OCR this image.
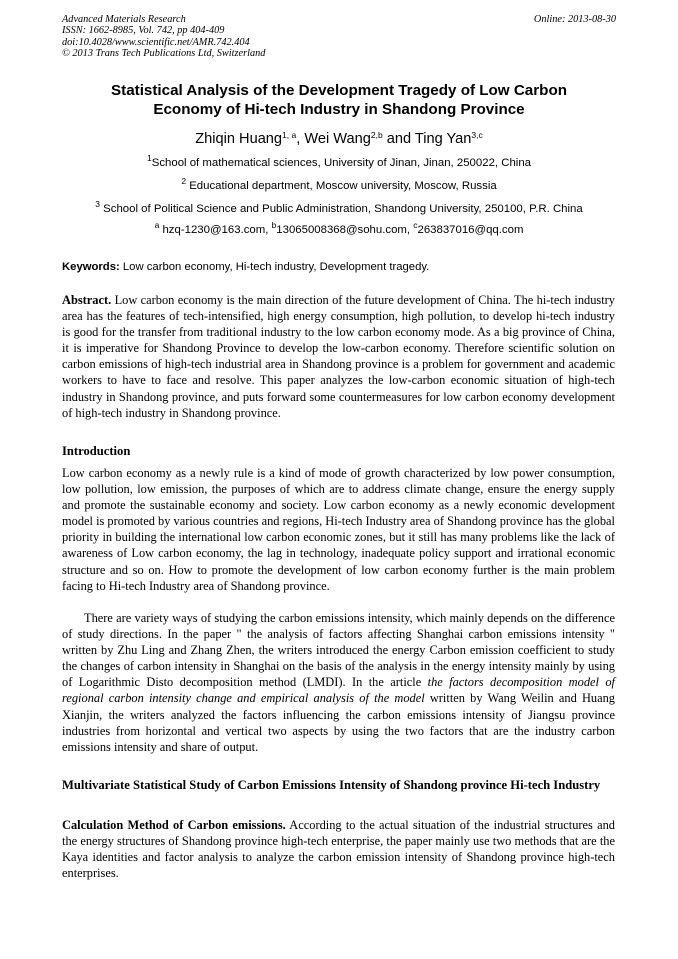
Advanced Materials Research
ISSN: 1662-8985, Vol. 742, pp 404-409
doi:10.4028/www.scientific.net/AMR.742.404
© 2013 Trans Tech Publications Ltd, Switzerland
Online: 2013-08-30
Statistical Analysis of the Development Tragedy of Low Carbon
Economy of Hi-tech Industry in Shandong Province
Zhiqin Huang$^{1, a}$, Wei Wang$^{2,b}$ and Ting Yan$^{3,c}$
$^1$School of mathematical sciences, University of Jinan, Jinan, 250022, China
$^2$ Educational department, Moscow university, Moscow, Russia
$^3$ School of Political Science and Public Administration, Shandong University, 250100, P.R. China
$^a$ hzq-1230@163.com, $^b$13065008368@sohu.com, $^c$263837016@qq.com
Keywords: Low carbon economy, Hi-tech industry, Development tragedy.
Abstract. Low carbon economy is the main direction of the future development of China. The hi-tech industry area has the features of tech-intensified, high energy consumption, high pollution, to develop hi-tech industry is good for the transfer from traditional industry to the low carbon economy mode. As a big province of China, it is imperative for Shandong Province to develop the low-carbon economy. Therefore scientific solution on carbon emissions of high-tech industrial area in Shandong province is a problem for government and academic workers to have to face and resolve. This paper analyzes the low-carbon economic situation of high-tech industry in Shandong province, and puts forward some countermeasures for low carbon economy development of high-tech industry in Shandong province.
Introduction
Low carbon economy as a newly rule is a kind of mode of growth characterized by low power consumption, low pollution, low emission, the purposes of which are to address climate change, ensure the energy supply and promote the sustainable economy and society. Low carbon economy as a newly economic development model is promoted by various countries and regions, Hi-tech Industry area of Shandong province has the global priority in building the international low carbon economic zones, but it still has many problems like the lack of awareness of Low carbon economy, the lag in technology, inadequate policy support and irrational economic structure and so on. How to promote the development of low carbon economy further is the main problem facing to Hi-tech Industry area of Shandong province.
There are variety ways of studying the carbon emissions intensity, which mainly depends on the difference of study directions. In the paper " the analysis of factors affecting Shanghai carbon emissions intensity " written by Zhu Ling and Zhang Zhen, the writers introduced the energy Carbon emission coefficient to study the changes of carbon intensity in Shanghai on the basis of the analysis in the energy intensity mainly by using of Logarithmic Disto decomposition method (LMDI). In the article the factors decomposition model of regional carbon intensity change and empirical analysis of the model written by Wang Weilin and Huang Xianjin, the writers analyzed the factors influencing the carbon emissions intensity of Jiangsu province industries from horizontal and vertical two aspects by using the two factors that are the industry carbon emissions intensity and share of output.
Multivariate Statistical Study of Carbon Emissions Intensity of Shandong province Hi-tech Industry
Calculation Method of Carbon emissions. According to the actual situation of the industrial structures and the energy structures of Shandong province high-tech enterprise, the paper mainly use two methods that are the Kaya identities and factor analysis to analyze the carbon emission intensity of Shandong province high-tech enterprises.
